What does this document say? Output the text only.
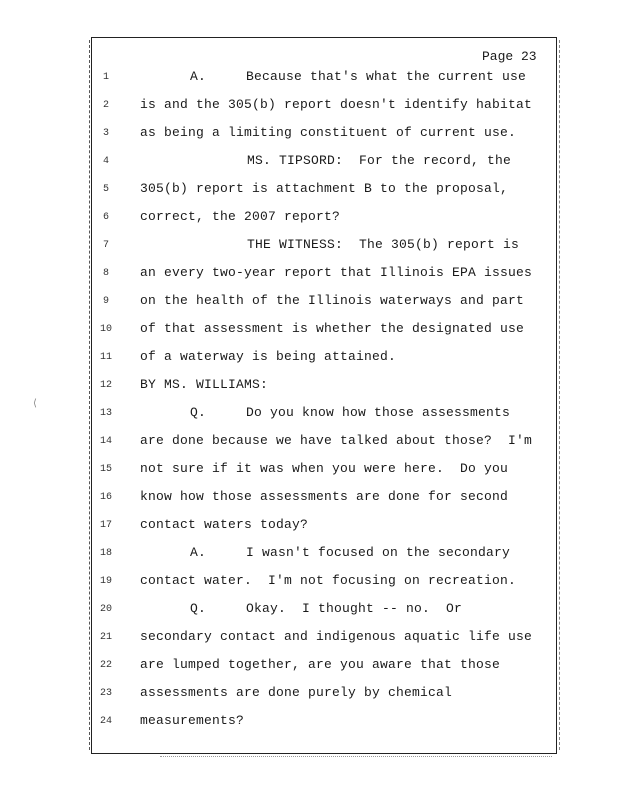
⟨
Page 23
1	A.     Because that's what the current use
2	is and the 305(b) report doesn't identify habitat
3	as being a limiting constituent of current use.
4	MS. TIPSORD:  For the record, the
5	305(b) report is attachment B to the proposal,
6	correct, the 2007 report?
7	THE WITNESS:  The 305(b) report is
8	an every two-year report that Illinois EPA issues
9	on the health of the Illinois waterways and part
10	of that assessment is whether the designated use
11	of a waterway is being attained.
12	BY MS. WILLIAMS:
13	Q.     Do you know how those assessments
14	are done because we have talked about those?  I'm
15	not sure if it was when you were here.  Do you
16	know how those assessments are done for second
17	contact waters today?
18	A.     I wasn't focused on the secondary
19	contact water.  I'm not focusing on recreation.
20	Q.     Okay.  I thought -- no.  Or
21	secondary contact and indigenous aquatic life use
22	are lumped together, are you aware that those
23	assessments are done purely by chemical
24	measurements?
